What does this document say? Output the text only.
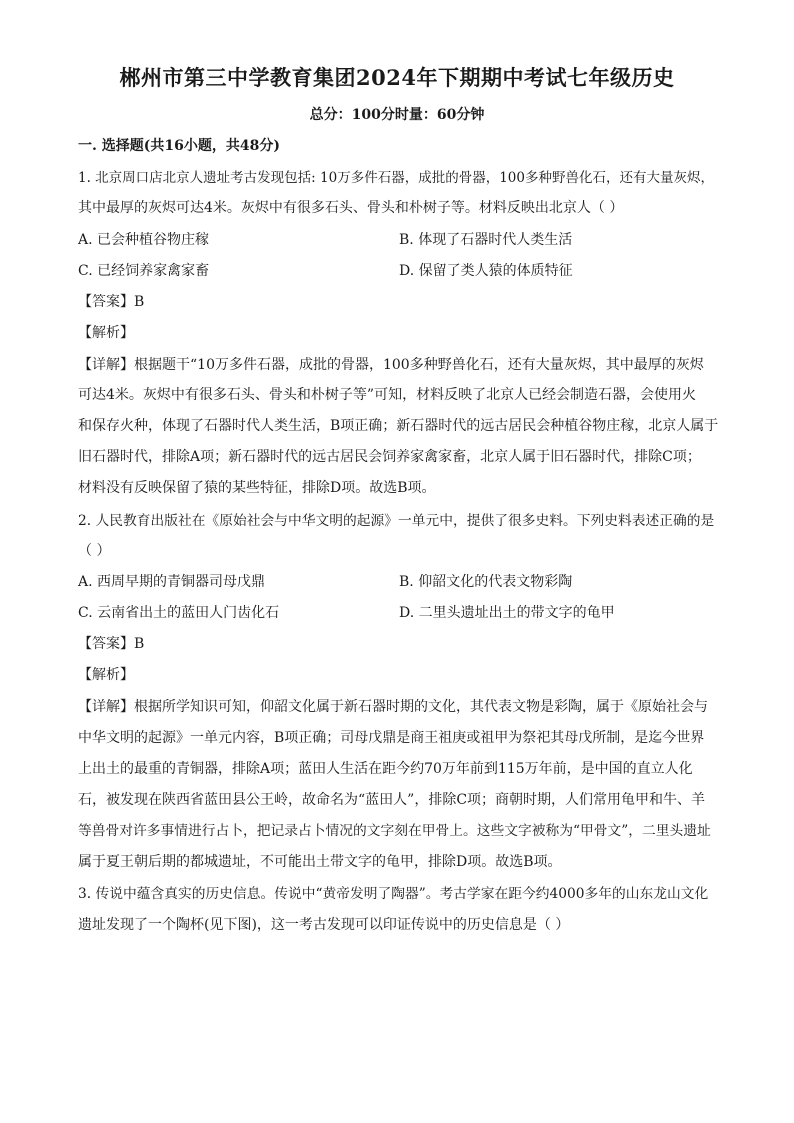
郴州市第三中学教育集团2024年下期期中考试七年级历史
总分：100分时量：60分钟
一. 选择题(共16小题，共48分)
1. 北京周口店北京人遗址考古发现包括: 10万多件石器，成批的骨器，100多种野兽化石，还有大量灰烬，
其中最厚的灰烬可达4米。灰烬中有很多石头、骨头和朴树子等。材料反映出北京人（ ）
A. 已会种植谷物庄稼	B. 体现了石器时代人类生活
C. 已经饲养家禽家畜	D. 保留了类人猿的体质特征
【答案】B
【解析】
【详解】根据题干“10万多件石器，成批的骨器，100多种野兽化石，还有大量灰烬，其中最厚的灰烬
可达4米。灰烬中有很多石头、骨头和朴树子等”可知，材料反映了北京人已经会制造石器，会使用火
和保存火种，体现了石器时代人类生活，B项正确；新石器时代的远古居民会种植谷物庄稼，北京人属于
旧石器时代，排除A项；新石器时代的远古居民会饲养家禽家畜，北京人属于旧石器时代，排除C项；
材料没有反映保留了猿的某些特征，排除D项。故选B项。
2. 人民教育出版社在《原始社会与中华文明的起源》一单元中，提供了很多史料。下列史料表述正确的是
（ ）
A. 西周早期的青铜器司母戊鼎	B. 仰韶文化的代表文物彩陶
C. 云南省出土的蓝田人门齿化石	D. 二里头遗址出土的带文字的龟甲
【答案】B
【解析】
【详解】根据所学知识可知，仰韶文化属于新石器时期的文化，其代表文物是彩陶，属于《原始社会与
中华文明的起源》一单元内容，B项正确；司母戊鼎是商王祖庚或祖甲为祭祀其母戊所制，是迄今世界
上出土的最重的青铜器，排除A项；蓝田人生活在距今约70万年前到115万年前，是中国的直立人化
石，被发现在陕西省蓝田县公王岭，故命名为“蓝田人”，排除C项；商朝时期，人们常用龟甲和牛、羊
等兽骨对许多事情进行占卜，把记录占卜情况的文字刻在甲骨上。这些文字被称为“甲骨文”，二里头遗址
属于夏王朝后期的都城遗址，不可能出土带文字的龟甲，排除D项。故选B项。
3. 传说中蕴含真实的历史信息。传说中“黄帝发明了陶器”。考古学家在距今约4000多年的山东龙山文化
遗址发现了一个陶杯(见下图)，这一考古发现可以印证传说中的历史信息是（ ）
